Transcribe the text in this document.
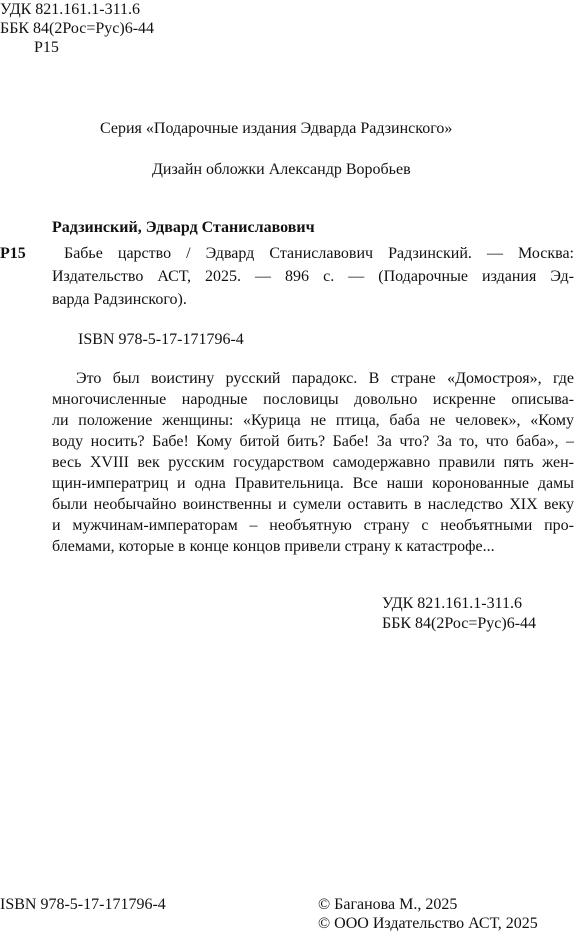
УДК 821.161.1-311.6
ББК 84(2Рос=Рус)6-44
Р15
Серия «Подарочные издания Эдварда Радзинского»
Дизайн обложки Александр Воробьев
Радзинский, Эдвард Станиславович
Р15 Бабье царство / Эдвард Станиславович Радзинский. — Москва:
Издательство АСТ, 2025. — 896 с. — (Подарочные издания Эд-
варда Радзинского).
ISBN 978-5-17-171796-4
Это был воистину русский парадокс. В стране «Домостроя», где
многочисленные народные пословицы довольно искренне описыва-
ли положение женщины: «Курица не птица, баба не человек», «Кому
воду носить? Бабе! Кому битой бить? Бабе! За что? За то, что баба», –
весь XVIII век русским государством самодержавно правили пять жен-
щин-императриц и одна Правительница. Все наши коронованные дамы
были необычайно воинственны и сумели оставить в наследство XIX веку
и мужчинам-императорам – необъятную страну с необъятными про-
блемами, которые в конце концов привели страну к катастрофе...
УДК 821.161.1-311.6
ББК 84(2Рос=Рус)6-44
ISBN 978-5-17-171796-4	© Баганова М., 2025
© ООО Издательство АСТ, 2025
